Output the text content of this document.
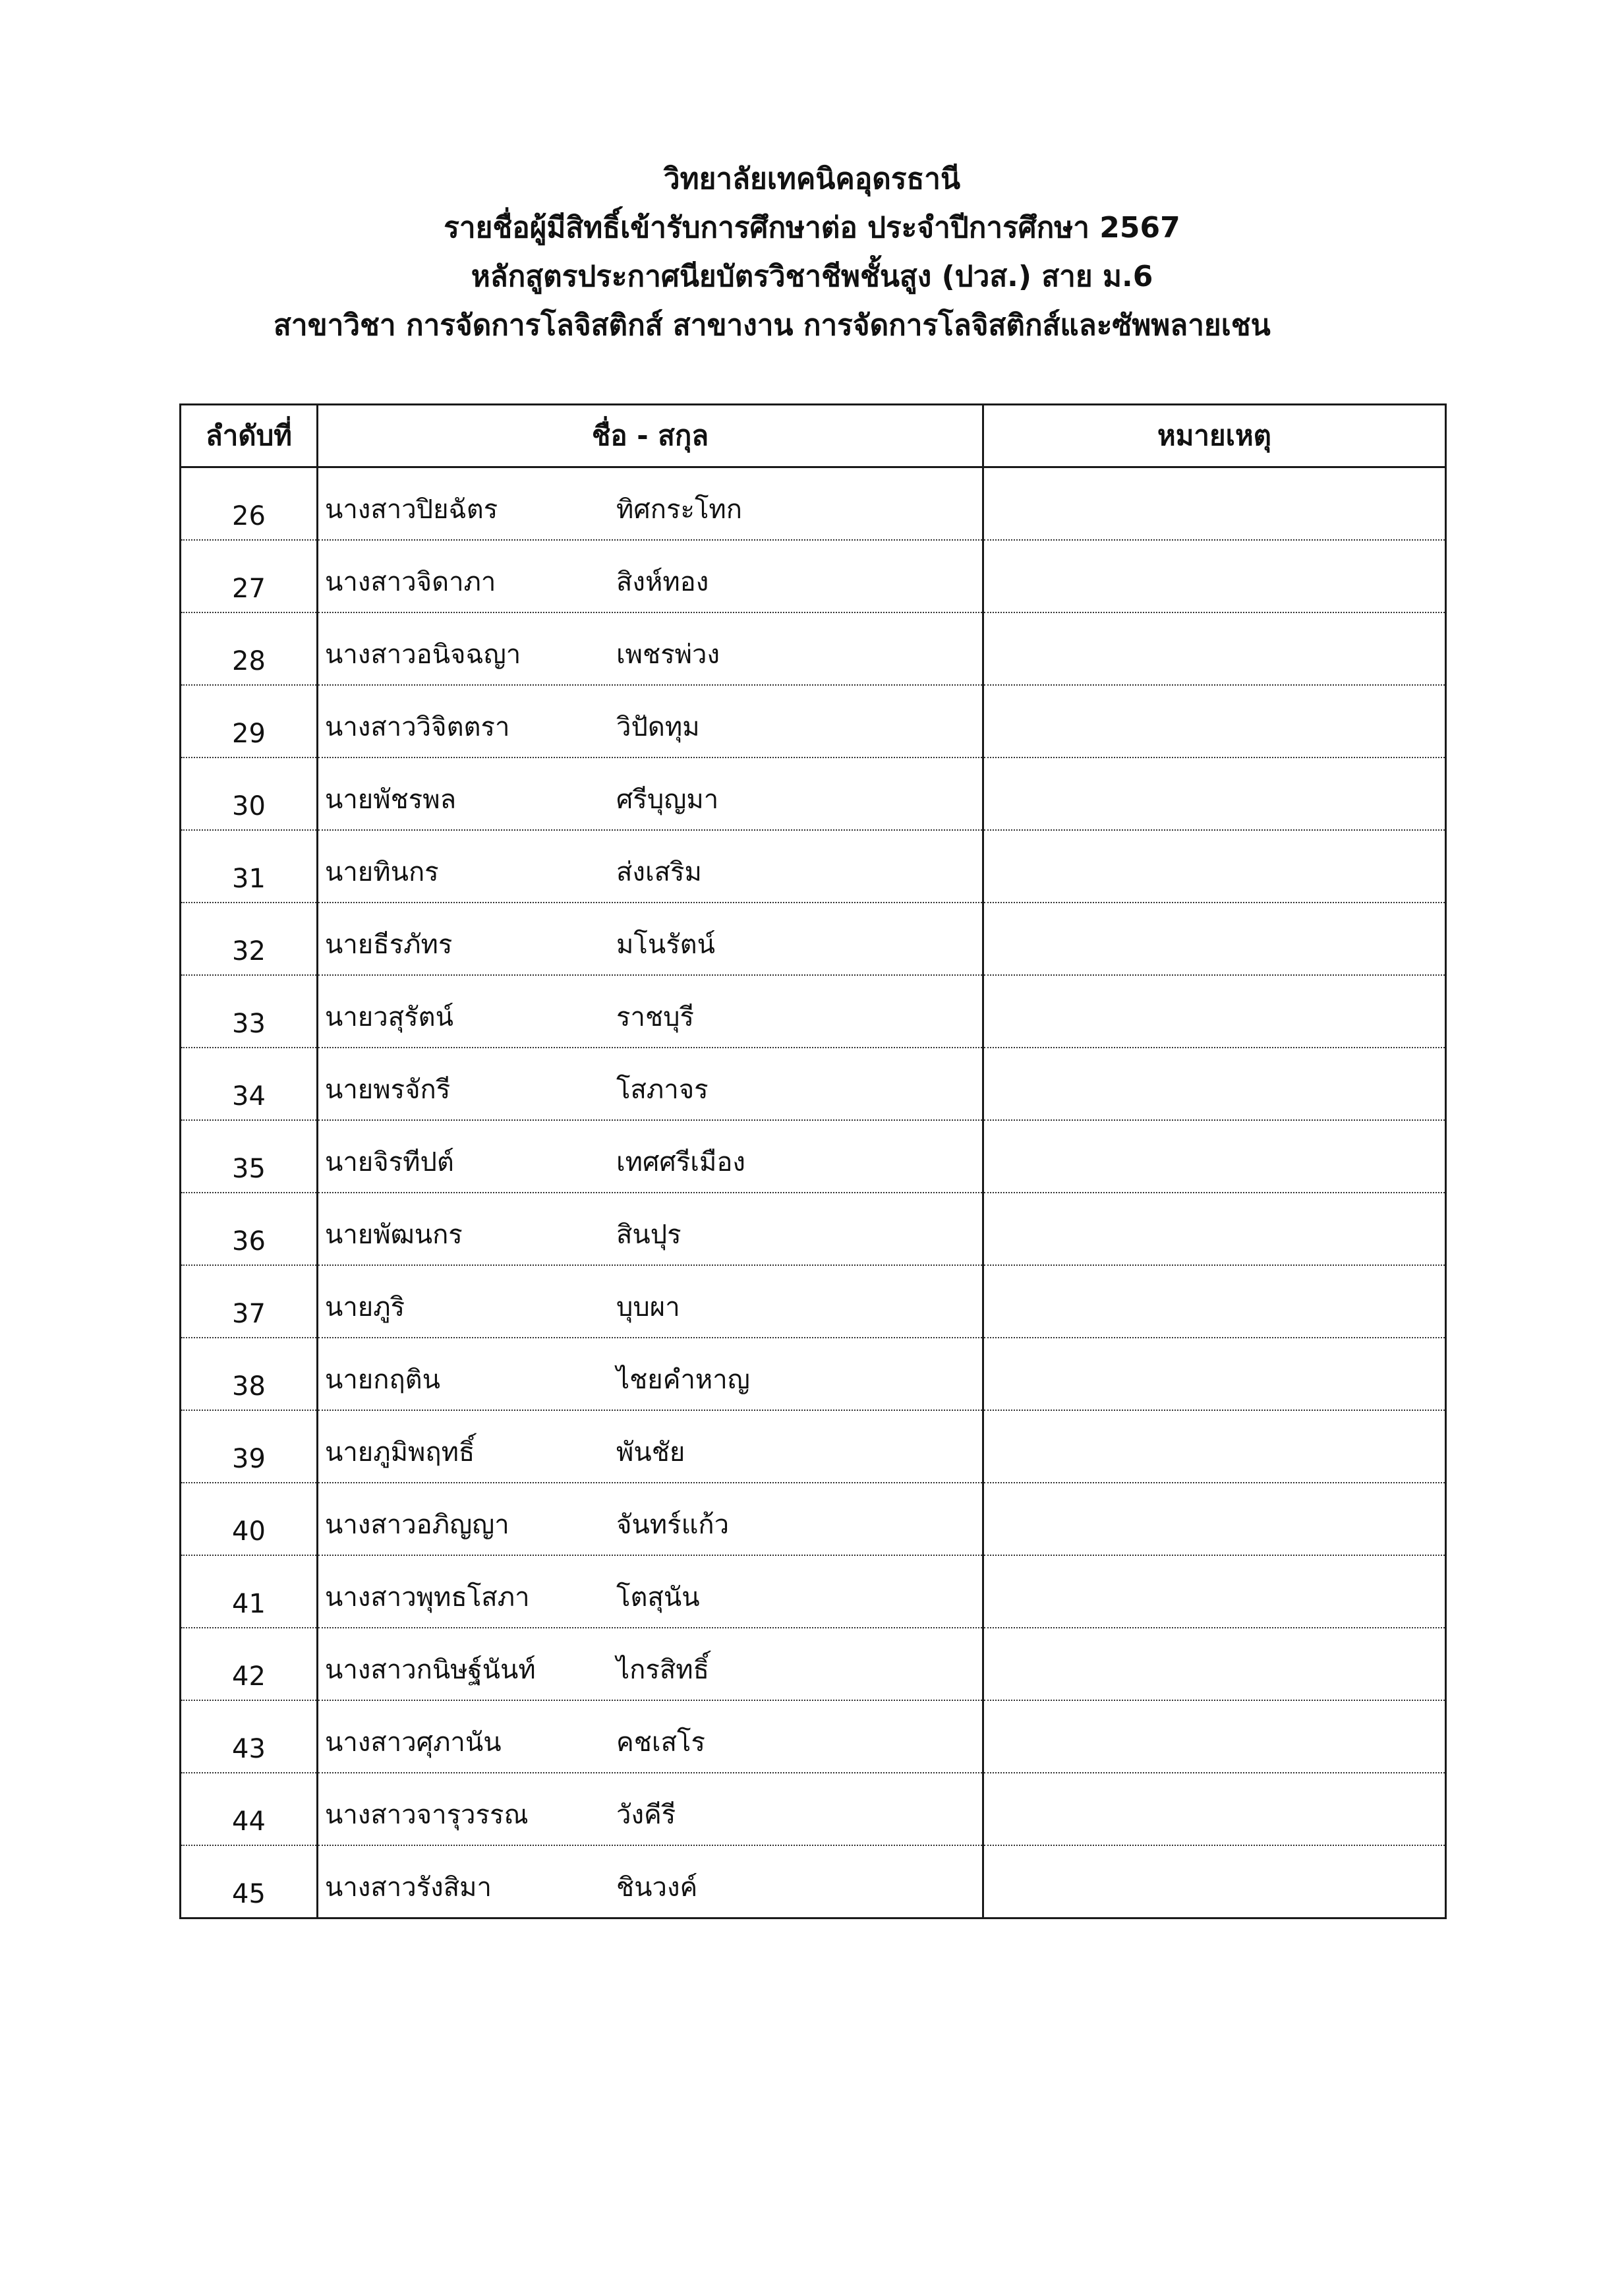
วิทยาลัยเทคนิคอุดรธานี
รายชื่อผู้มีสิทธิ์เข้ารับการศึกษาต่อ ประจำปีการศึกษา 2567
หลักสูตรประกาศนียบัตรวิชาชีพชั้นสูง (ปวส.) สาย ม.6
สาขาวิชา การจัดการโลจิสติกส์ สาขางาน การจัดการโลจิสติกส์และซัพพลายเชน
ลำดับที่	ชื่อ - สกุล	หมายเหตุ
26	นางสาวปิยฉัตร ทิศกระโทก	
27	นางสาวจิดาภา สิงห์ทอง	
28	นางสาวอนิจฉญา เพชรพ่วง	
29	นางสาววิจิตตรา วิปัดทุม	
30	นายพัชรพล ศรีบุญมา	
31	นายทินกร ส่งเสริม	
32	นายธีรภัทร มโนรัตน์	
33	นายวสุรัตน์ ราชบุรี	
34	นายพรจักรี โสภาจร	
35	นายจิรทีปต์ เทศศรีเมือง	
36	นายพัฒนกร สินปุร	
37	นายภูริ บุบผา	
38	นายกฤติน ไชยคำหาญ	
39	นายภูมิพฤทธิ์ พันชัย	
40	นางสาวอภิญญา จันทร์แก้ว	
41	นางสาวพุทธโสภา โตสุนัน	
42	นางสาวกนิษฐ์นันท์ ไกรสิทธิ์	
43	นางสาวศุภานัน คชเสโร	
44	นางสาวจารุวรรณ วังคีรี	
45	นางสาวรังสิมา ชินวงค์	
